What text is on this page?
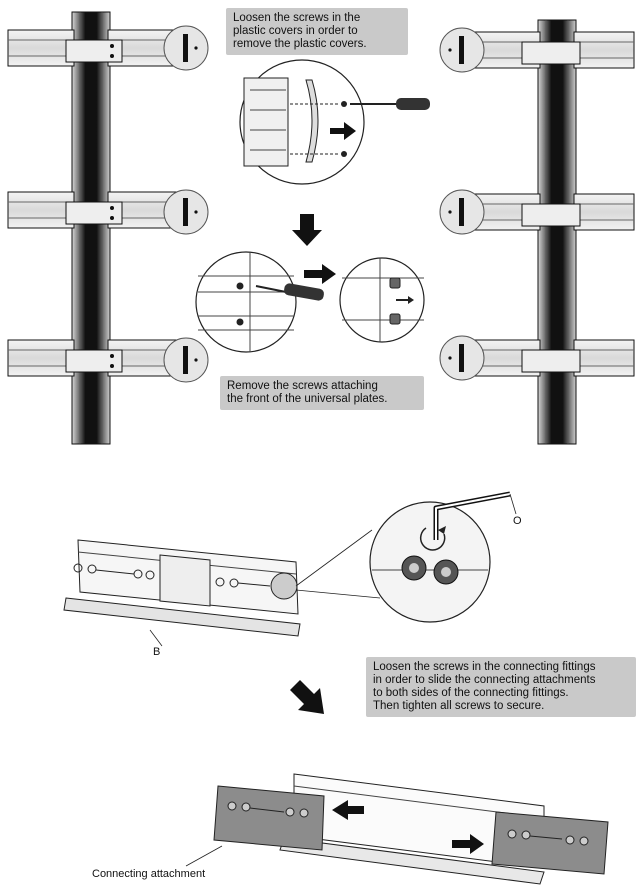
Loosen the screws in the
plastic covers in order to
remove the plastic covers.
Remove the screws attaching
the front of the universal plates.
Loosen the screws in the connecting fittings
in order to slide the connecting attachments
to both sides of the connecting fittings.
Then tighten all screws to secure.
O
B
Connecting attachment
